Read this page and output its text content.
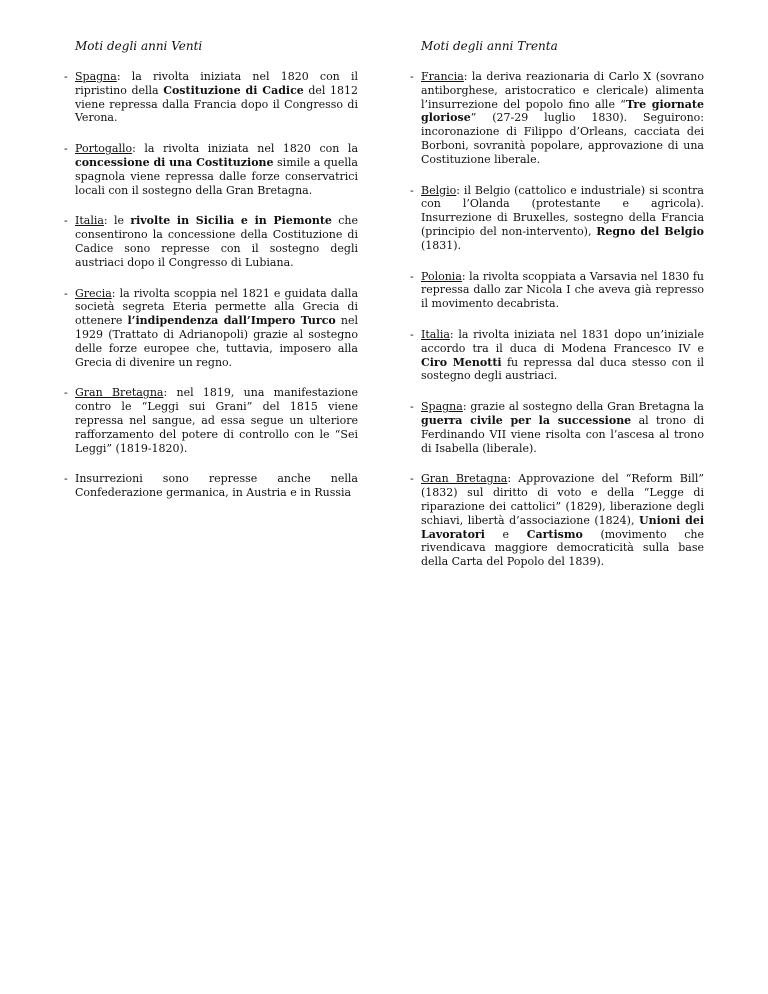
Moti degli anni Venti
- Spagna: la rivolta iniziata nel 1820 con il ripristino della Costituzione di Cadice del 1812 viene repressa dalla Francia dopo il Congresso di Verona.
- Portogallo: la rivolta iniziata nel 1820 con la concessione di una Costituzione simile a quella spagnola viene repressa dalle forze conservatrici locali con il sostegno della Gran Bretagna.
- Italia: le rivolte in Sicilia e in Piemonte che consentirono la concessione della Costituzione di Cadice sono represse con il sostegno degli austriaci dopo il Congresso di Lubiana.
- Grecia: la rivolta scoppia nel 1821 e guidata dalla società segreta Eteria permette alla Grecia di ottenere l’indipendenza dall’Impero Turco nel 1929 (Trattato di Adrianopoli) grazie al sostegno delle forze europee che, tuttavia, imposero alla Grecia di divenire un regno.
- Gran Bretagna: nel 1819, una manifestazione contro le “Leggi sui Grani” del 1815 viene repressa nel sangue, ad essa segue un ulteriore rafforzamento del potere di controllo con le “Sei Leggi” (1819-1820).
- Insurrezioni sono represse anche nella Confederazione germanica, in Austria e in Russia
Moti degli anni Trenta
- Francia: la deriva reazionaria di Carlo X (sovrano antiborghese, aristocratico e clericale) alimenta l’insurrezione del popolo fino alle “Tre giornate gloriose” (27-29 luglio 1830). Seguirono: incoronazione di Filippo d’Orleans, cacciata dei Borboni, sovranità popolare, approvazione di una Costituzione liberale.
- Belgio: il Belgio (cattolico e industriale) si scontra con l’Olanda (protestante e agricola). Insurrezione di Bruxelles, sostegno della Francia (principio del non-intervento), Regno del Belgio (1831).
- Polonia: la rivolta scoppiata a Varsavia nel 1830 fu repressa dallo zar Nicola I che aveva già represso il movimento decabrista.
- Italia: la rivolta iniziata nel 1831 dopo un’iniziale accordo tra il duca di Modena Francesco IV e Ciro Menotti fu repressa dal duca stesso con il sostegno degli austriaci.
- Spagna: grazie al sostegno della Gran Bretagna la guerra civile per la successione al trono di Ferdinando VII viene risolta con l’ascesa al trono di Isabella (liberale).
- Gran Bretagna: Approvazione del “Reform Bill” (1832) sul diritto di voto e della “Legge di riparazione dei cattolici” (1829), liberazione degli schiavi, libertà d’associazione (1824), Unioni dei Lavoratori e Cartismo (movimento che rivendicava maggiore democraticità sulla base della Carta del Popolo del 1839).
